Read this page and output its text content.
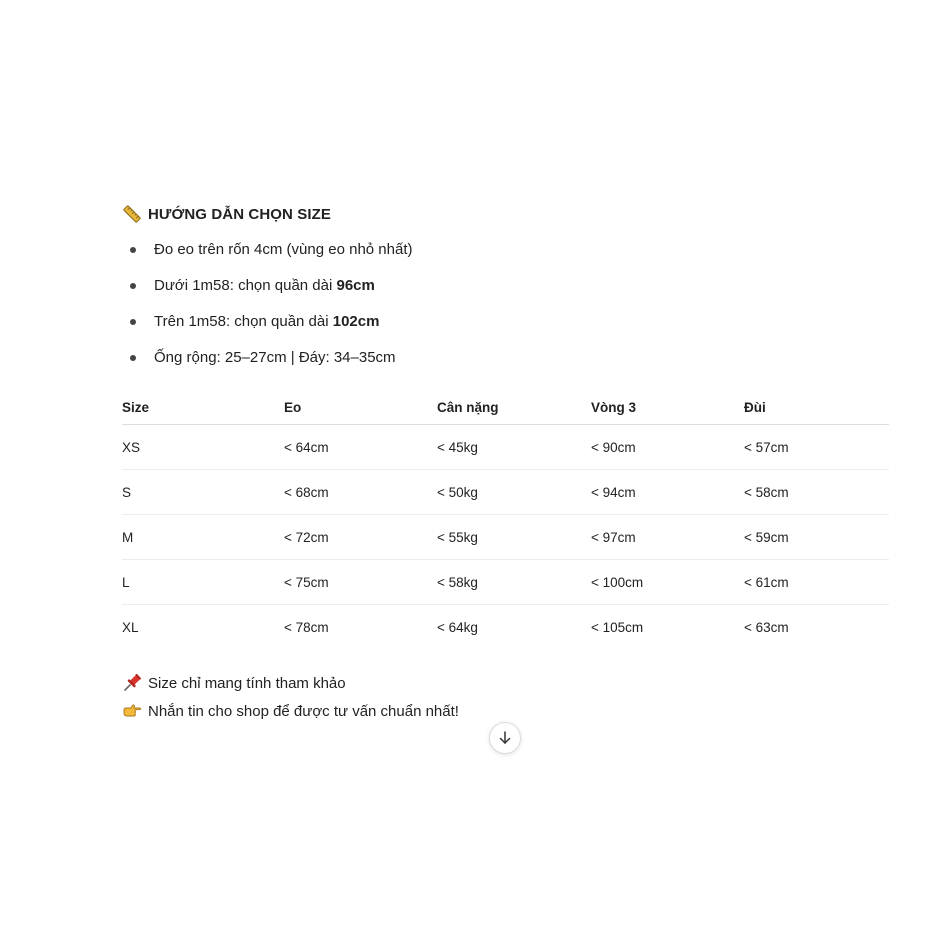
HƯỚNG DẪN CHỌN SIZE
Đo eo trên rốn 4cm (vùng eo nhỏ nhất)
Dưới 1m58: chọn quần dài 96cm
Trên 1m58: chọn quần dài 102cm
Ống rộng: 25–27cm | Đáy: 34–35cm
Size	Eo	Cân nặng	Vòng 3	Đùi
XS	< 64cm	< 45kg	< 90cm	< 57cm
S	< 68cm	< 50kg	< 94cm	< 58cm
M	< 72cm	< 55kg	< 97cm	< 59cm
L	< 75cm	< 58kg	< 100cm	< 61cm
XL	< 78cm	< 64kg	< 105cm	< 63cm
Size chỉ mang tính tham khảo
Nhắn tin cho shop để được tư vấn chuẩn nhất!
